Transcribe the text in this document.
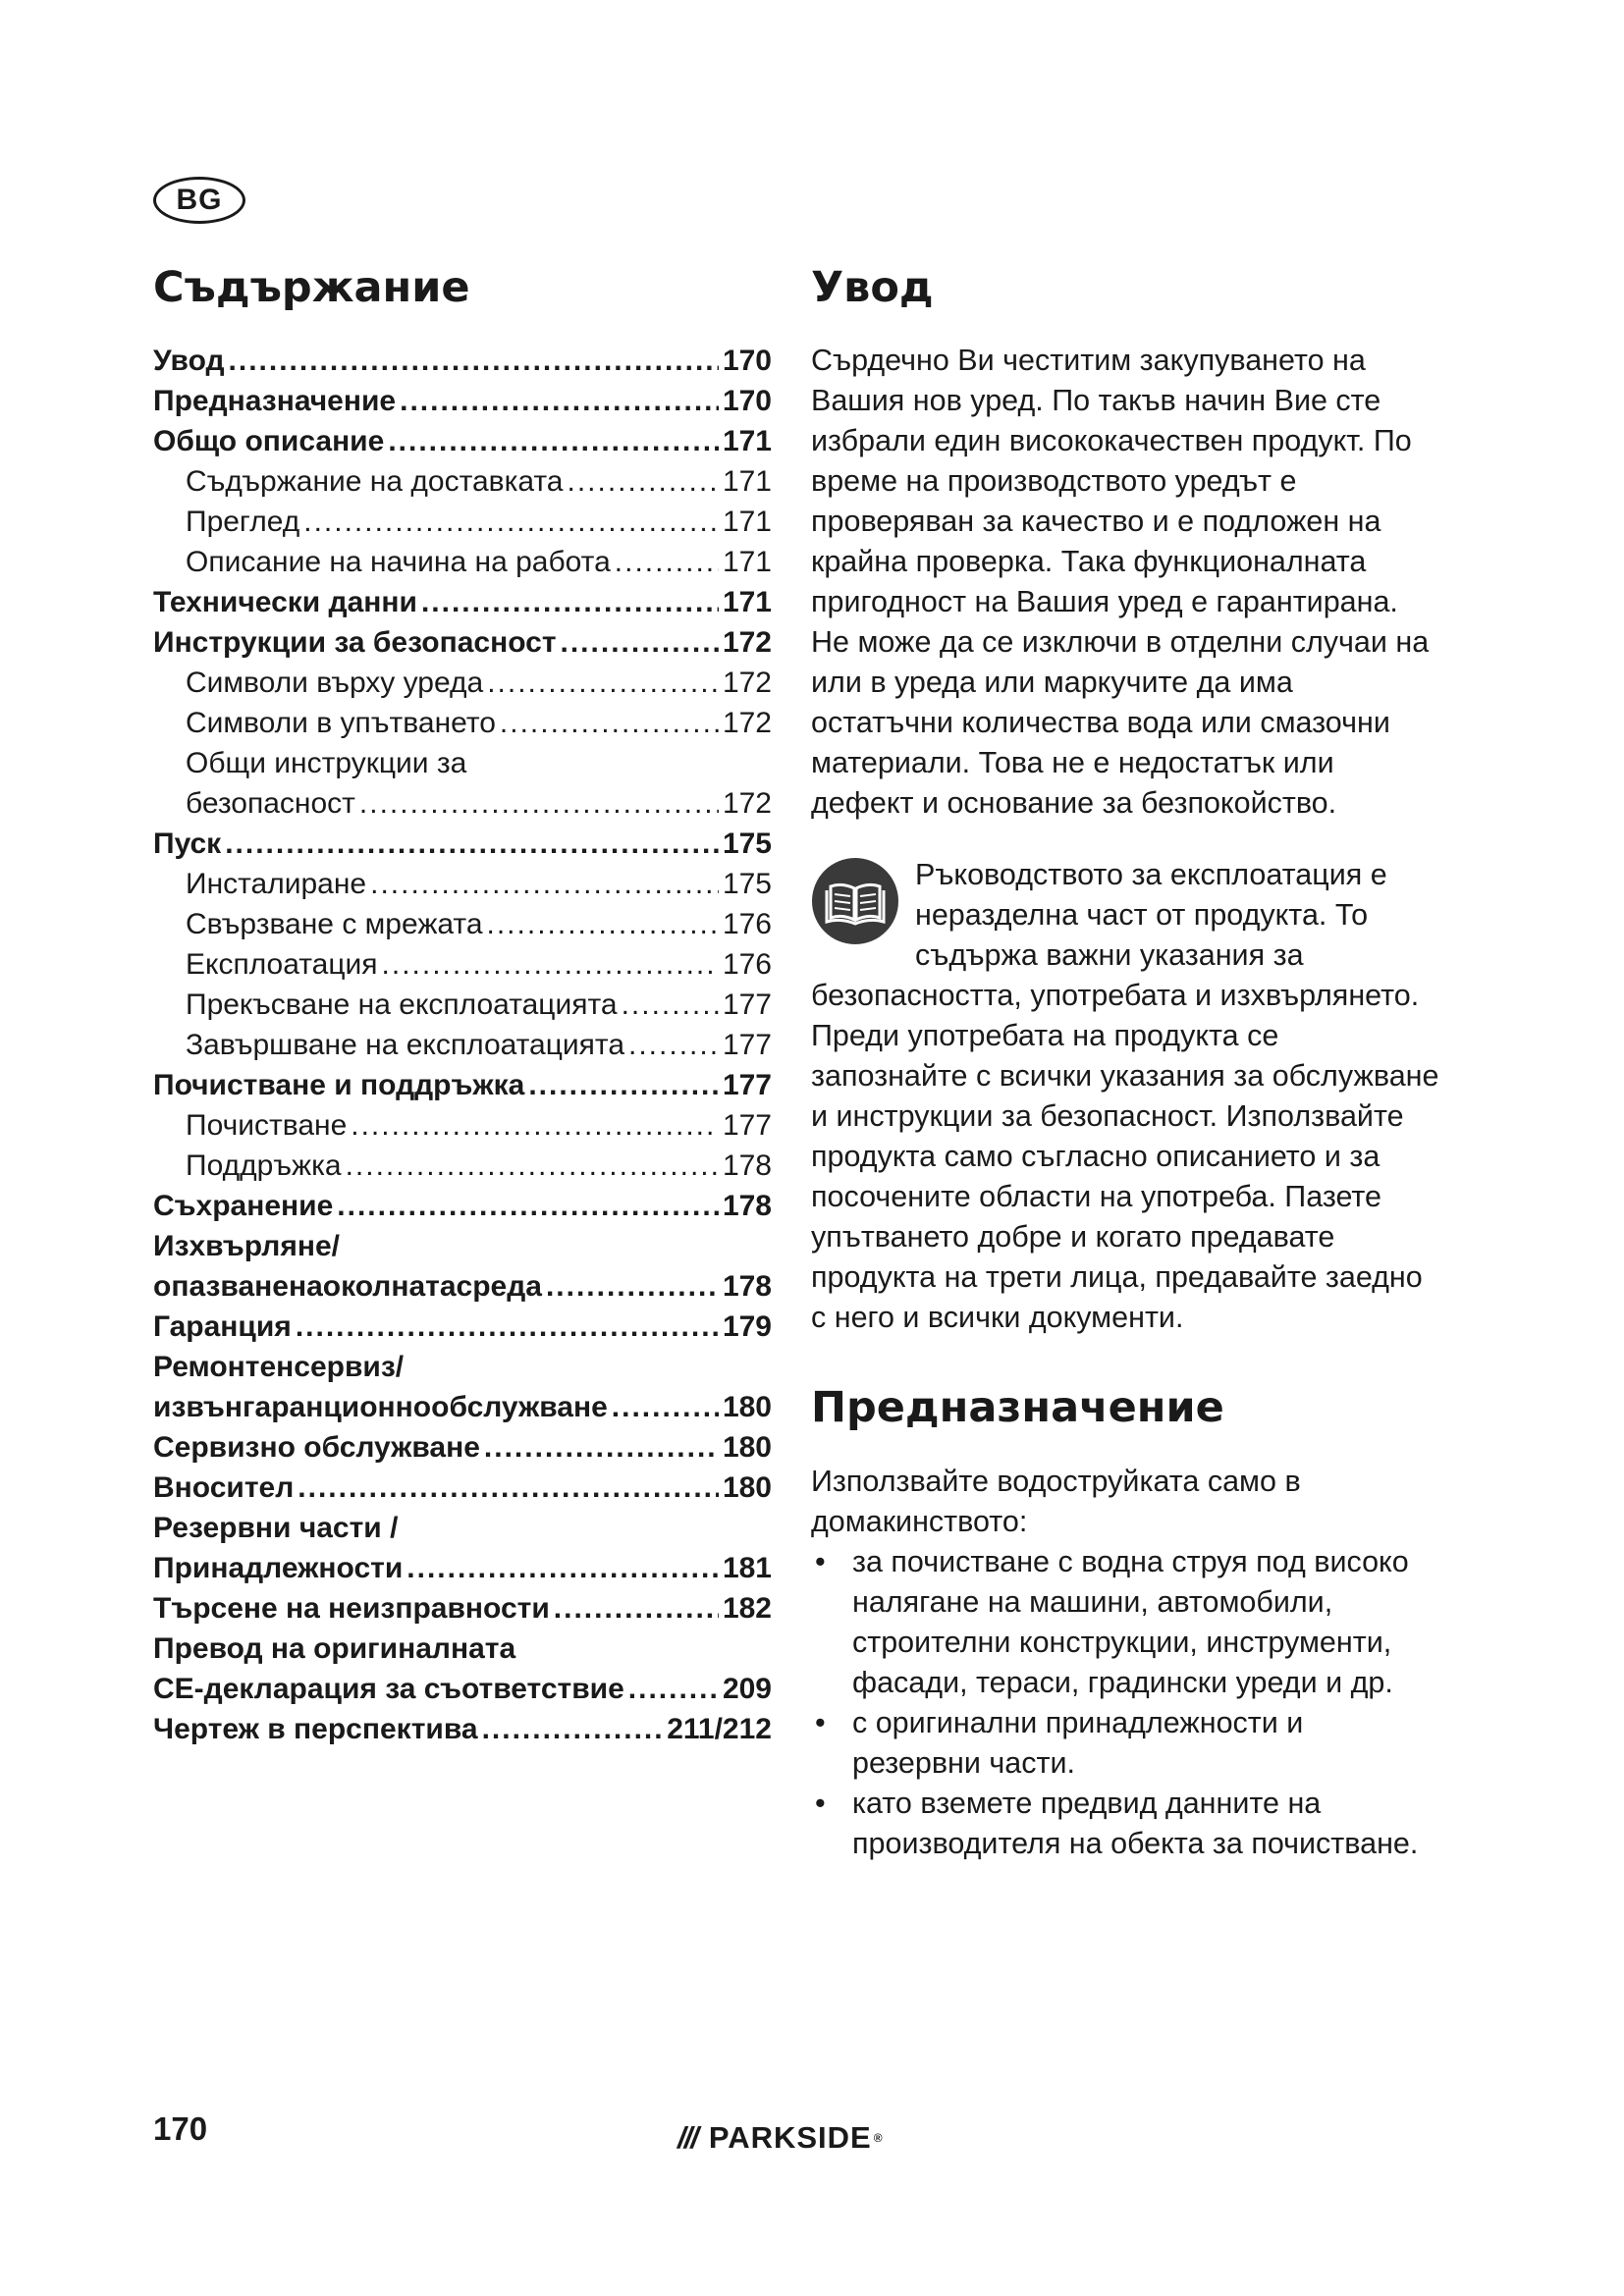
BG
Съдържание
Увод .....	170
Предназначение .....	170
Общо описание .....	171
Съдържание на доставката .....	171
Преглед .....	171
Описание на начина на работа .....	171
Технически данни .....	171
Инструкции за безопасност .....	172
Символи върху уреда .....	172
Символи в упътването .....	172
Общи инструкции за
безопасност .....	172
Пуск .....	175
Инсталиране .....	175
Свързване с мрежата .....	176
Експлоатация .....	176
Прекъсване на експлоатацията .....	177
Завършване на експлоатацията .....	177
Почистване и поддръжка .....	177
Почистване .....	177
Поддръжка .....	178
Съхранение .....	178
Изхвърляне/
опазваненаоколнатасреда .....	178
Гаранция .....	179
Ремонтенсервиз/
извънгаранционнообслужване .....	180
Сервизно обслужване .....	180
Вносител .....	180
Резервни части /
Принадлежности .....	181
Търсене на неизправности .....	182
Превод на оригиналната
CE-декларация за съответствие .....	209
Чертеж в перспектива .....	211/212
Увод

Сърдечно Ви честитим закупуването на Вашия нов уред. По такъв начин Вие сте избрали един висококачествен продукт. По време на производството уредът е проверяван за качество и е подложен на крайна проверка. Така функционалната пригодност на Вашия уред е гарантирана. Не може да се изключи в отделни случаи на или в уреда или маркучите да има остатъчни количества вода или смазочни материали. Това не е недостатък или дефект и основание за безпокойство.

Ръководството за експлоатация е неразделна част от продукта. То съдържа важни указания за безопасността, употребата и изхвърлянето. Преди употребата на продукта се запознайте с всички указания за обслужване и инструкции за безопасност. Използвайте продукта само съгласно описанието и за посочените области на употреба. Пазете упътването добре и когато предавате продукта на трети лица, предавайте заедно с него и всички документи.
Предназначение

Използвайте водоструйката само в домакинството:

• за почистване с водна струя под високо налягане на машини, автомобили, строителни конструкции, инструменти, фасади, тераси, градински уреди и др.
• с оригинални принадлежности и резервни части.
• като вземете предвид данните на производителя на обекта за почистване.
170	/// PARKSIDE ®
